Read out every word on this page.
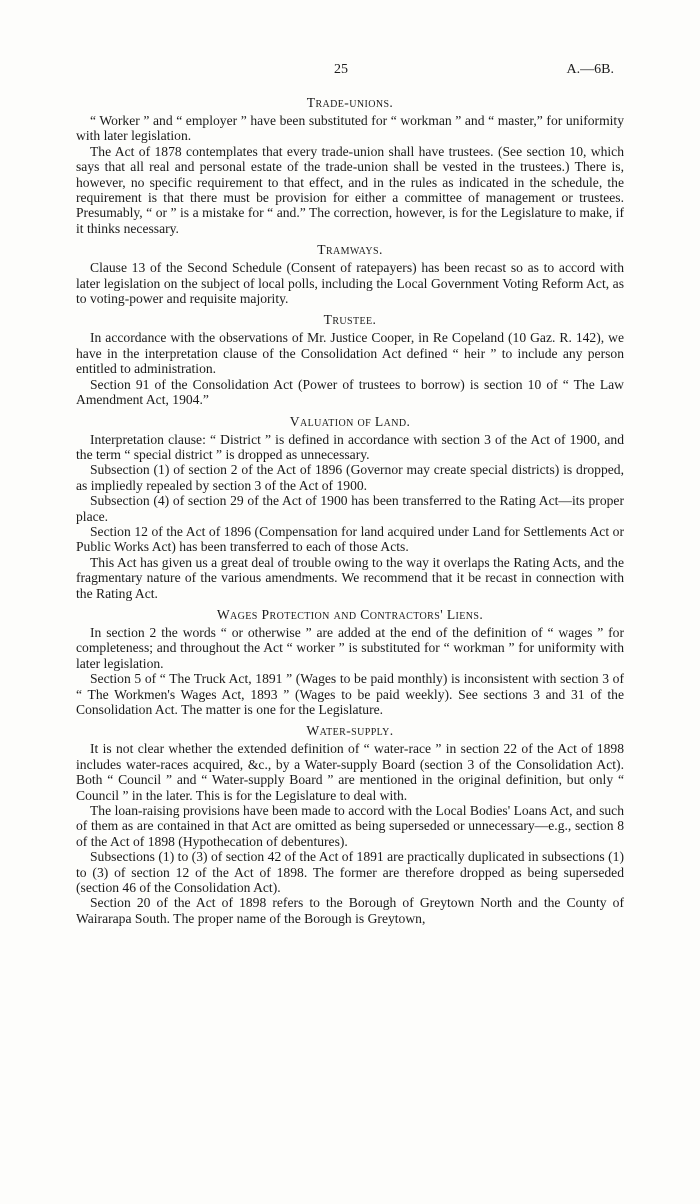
25	A.—6B.
Trade-unions.

“ Worker ” and “ employer ” have been substituted for “ workman ” and “ master,” for uniformity with later legislation.

The Act of 1878 contemplates that every trade-union shall have trustees. (See section 10, which says that all real and personal estate of the trade-union shall be vested in the trustees.) There is, however, no specific requirement to that effect, and in the rules as indicated in the schedule, the requirement is that there must be provision for either a committee of management or trustees. Presumably, “ or ” is a mistake for “ and.” The correction, however, is for the Legislature to make, if it thinks necessary.

Tramways.

Clause 13 of the Second Schedule (Consent of ratepayers) has been recast so as to accord with later legislation on the subject of local polls, including the Local Government Voting Reform Act, as to voting-power and requisite majority.

Trustee.

In accordance with the observations of Mr. Justice Cooper, in Re Copeland (10 Gaz. R. 142), we have in the interpretation clause of the Consolidation Act defined “ heir ” to include any person entitled to administration.

Section 91 of the Consolidation Act (Power of trustees to borrow) is section 10 of “ The Law Amendment Act, 1904.”

Valuation of Land.

Interpretation clause: “ District ” is defined in accordance with section 3 of the Act of 1900, and the term “ special district ” is dropped as unnecessary.

Subsection (1) of section 2 of the Act of 1896 (Governor may create special districts) is dropped, as impliedly repealed by section 3 of the Act of 1900.

Subsection (4) of section 29 of the Act of 1900 has been transferred to the Rating Act—its proper place.

Section 12 of the Act of 1896 (Compensation for land acquired under Land for Settlements Act or Public Works Act) has been transferred to each of those Acts.

This Act has given us a great deal of trouble owing to the way it overlaps the Rating Acts, and the fragmentary nature of the various amendments. We recommend that it be recast in connection with the Rating Act.

Wages Protection and Contractors' Liens.

In section 2 the words “ or otherwise ” are added at the end of the definition of “ wages ” for completeness; and throughout the Act “ worker ” is substituted for “ workman ” for uniformity with later legislation.

Section 5 of “ The Truck Act, 1891 ” (Wages to be paid monthly) is inconsistent with section 3 of “ The Workmen's Wages Act, 1893 ” (Wages to be paid weekly). See sections 3 and 31 of the Consolidation Act. The matter is one for the Legislature.

Water-supply.

It is not clear whether the extended definition of “ water-race ” in section 22 of the Act of 1898 includes water-races acquired, &c., by a Water-supply Board (section 3 of the Consolidation Act). Both “ Council ” and “ Water-supply Board ” are mentioned in the original definition, but only “ Council ” in the later. This is for the Legislature to deal with.

The loan-raising provisions have been made to accord with the Local Bodies' Loans Act, and such of them as are contained in that Act are omitted as being superseded or unnecessary—e.g., section 8 of the Act of 1898 (Hypothecation of debentures).

Subsections (1) to (3) of section 42 of the Act of 1891 are practically duplicated in subsections (1) to (3) of section 12 of the Act of 1898. The former are therefore dropped as being superseded (section 46 of the Consolidation Act).

Section 20 of the Act of 1898 refers to the Borough of Greytown North and the County of Wairarapa South. The proper name of the Borough is Greytown,
